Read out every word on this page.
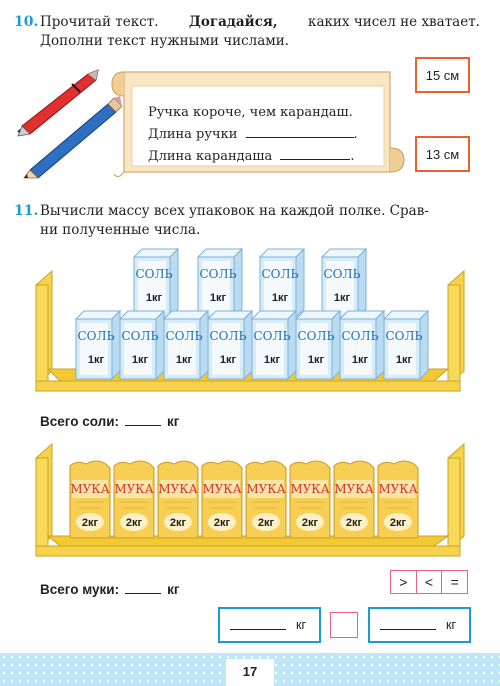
10. Прочитай текст. Догадайся, каких чисел не хватает.
Дополни текст нужными числами.
Ручка короче, чем карандаш.
Длина ручки	.
Длина карандаша	.
15 см
13 см
11. Вычисли массу всех упаковок на каждой полке. Срав-
ни полученные числа.
СОЛЬ
1кг
СОЛЬ
1кг
СОЛЬ
1кг
СОЛЬ
1кг
СОЛЬ
1кг
СОЛЬ
1кг
СОЛЬ
1кг
СОЛЬ
1кг
СОЛЬ
1кг
СОЛЬ
1кг
СОЛЬ
1кг
СОЛЬ
1кг
Всего соли:	кг
МУКА
2кг
МУКА
2кг
МУКА
2кг
МУКА
2кг
МУКА
2кг
МУКА
2кг
МУКА
2кг
МУКА
2кг
Всего муки:	кг	>	<	=
кг	кг
17
